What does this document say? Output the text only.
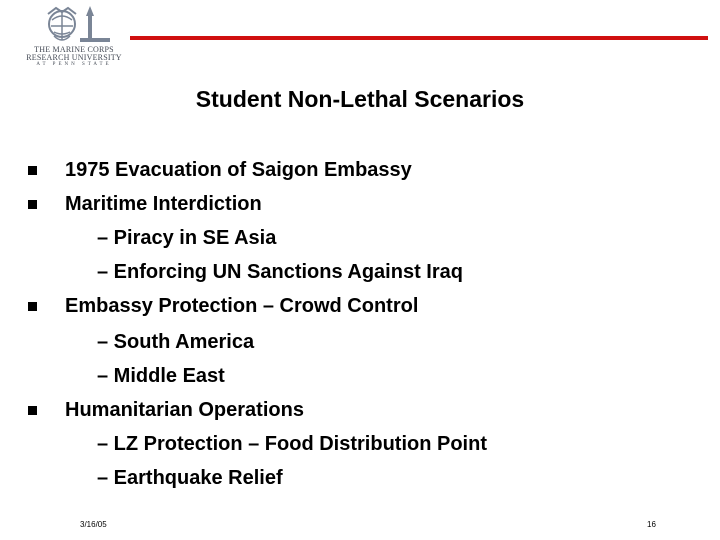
THE MARINE CORPS
RESEARCH UNIVERSITY
AT PENN STATE
Student Non-Lethal Scenarios
1975 Evacuation of Saigon Embassy
Maritime Interdiction
– Piracy in SE Asia
– Enforcing UN Sanctions Against Iraq
Embassy Protection – Crowd Control
– South America
– Middle East
Humanitarian Operations
– LZ Protection – Food Distribution Point
– Earthquake Relief
3/16/05	16
